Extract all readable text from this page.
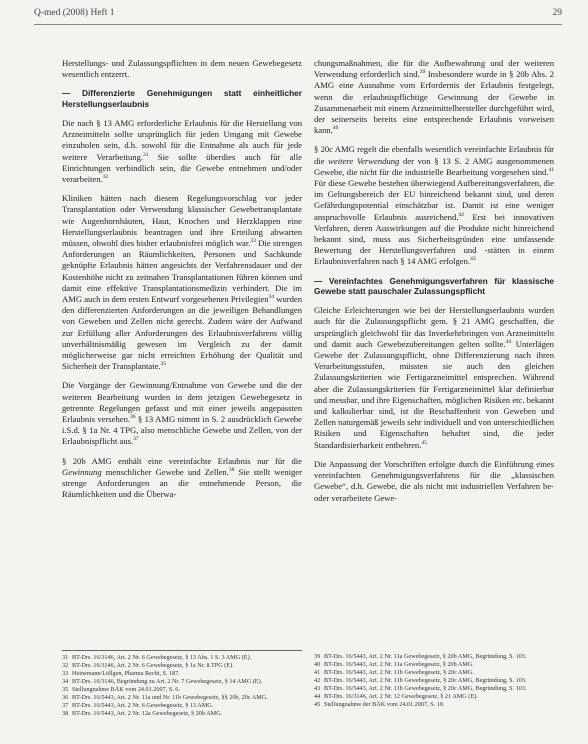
Q-med (2008) Heft 1	29

Herstellungs- und Zulassungspflichten in dem neuen Gewebegesetz wesentlich entzerrt.

— Differenzierte Genehmigungen statt einheitlicher Herstellungserlaubnis

Die nach § 13 AMG erforderliche Erlaubnis für die Herstellung von Arzneimitteln sollte ursprünglich für jeden Umgang mit Gewebe einzuholen sein, d.h. sowohl für die Entnahme als auch für jede weitere Verarbeitung.$^{31}$ Sie sollte überdies auch für alle Einrichtungen verbindlich sein, die Gewebe entnehmen und/oder verarbeiten.$^{32}$

Kliniken hätten nach diesem Regelungsvorschlag vor jeder Transplantation oder Verwendung klassischer Gewebetransplantate wie Augenhornhäuten, Haut, Knochen und Herzklappen eine Herstellungserlaubnis beantragen und ihre Erteilung abwarten müssen, obwohl dies bisher erlaubnisfrei möglich war.$^{33}$ Die strengen Anforderungen an Räumlichkeiten, Personen und Sachkunde geknüpfte Erlaubnis hätten angesichts der Verfahrensdauer und der Kostenhöhe nicht zu zeitnahen Transplantationen führen können und damit eine effektive Transplantationsmedizin verhindert. Die im AMG auch in dem ersten Entwurf vorgesehenen Privilegien$^{34}$ wurden den differenzierten Anforderungen an die jeweiligen Behandlungen von Geweben und Zellen nicht gerecht. Zudem wäre der Aufwand zur Erfüllung aller Anforderungen des Erlaubnisverfahrens völlig unverhältnismäßig gewesen im Vergleich zu der damit möglicherweise gar nicht erreichten Erhöhung der Qualität und Sicherheit der Transplantate.$^{35}$

Die Vorgänge der Gewinnung/Entnahme von Gewebe und die der weiteren Bearbeitung wurden in dem jetzigen Gewebegesetz in getrennte Regelungen gefasst und mit einer jeweils angepassten Erlaubnis versehen.$^{36}$ § 13 AMG nimmt in S. 2 ausdrücklich Gewebe i.S.d. § 1a Nr. 4 TPG, also menschliche Gewebe und Zellen, von der Erlaubnispflicht aus.$^{37}$

§ 20b AMG enthält eine vereinfachte Erlaubnis nur für die Gewinnung menschlicher Gewebe und Zellen.$^{38}$ Sie stellt weniger strenge Anforderungen an die entnehmende Person, die Räumlichkeiten und die Überwa-

chungsmaßnahmen, die für die Aufbewahrung und der weiteren Verwendung erforderlich sind.$^{39}$ Insbesondere wurde in § 20b Abs. 2 AMG eine Ausnahme vom Erfordernis der Erlaubnis festgelegt, wenn die erlaubnispflichtige Gewinnung der Gewebe in Zusammenarbeit mit einem Arzneimittelhersteller durchgeführt wird, der seinerseits bereits eine entsprechende Erlaubnis vorweisen kann.$^{40}$

§ 20c AMG regelt die ebenfalls wesentlich vereinfachte Erlaubnis für die weitere Verwendung der von § 13 S. 2 AMG ausgenommenen Gewebe, die nicht für die industrielle Bearbeitung vorgesehen sind.$^{41}$ Für diese Gewebe bestehen überwiegend Aufbereitungsverfahren, die im Geltungsbereich der EU hinreichend bekannt sind, und deren Gefährdungspotential einschätzbar ist. Damit ist eine weniger anspruchsvolle Erlaubnis ausreichend.$^{42}$ Erst bei innovativen Verfahren, deren Auswirkungen auf die Produkte nicht hinreichend bekannt sind, muss aus Sicherheitsgründen eine umfassende Bewertung der Herstellungsverfahren und -stätten in einem Erlaubnisverfahren nach § 14 AMG erfolgen.$^{43}$

— Vereinfachtes Genehmigungsverfahren für klassische Gewebe statt pauschaler Zulassungspflicht

Gleiche Erleichterungen wie bei der Herstellungserlaubnis wurden auch für die Zulassungspflicht gem. § 21 AMG geschaffen, die ursprünglich gleichwohl für das Inverkehrbringen von Arzneimitteln und damit auch Gewebezubereitungen gelten sollte.$^{44}$ Unterlägen Gewebe der Zulassungspflicht, ohne Differenzierung nach ihren Verarbeitungsstufen, müssten sie auch den gleichen Zulassungskriterien wie Fertigarzneimittel entsprechen. Während aber die Zulassungskriterien für Fertigarzneimittel klar definierbar und messbar, und ihre Eigenschaften, möglichen Risiken etc. bekannt und kalkulierbar sind, ist die Beschaffenheit von Geweben und Zellen naturgemäß jeweils sehr individuell und von unterschiedlichen Risiken und Eigenschaften behaftet sind, die jeder Standardisierbarkeit entbehren.$^{45}$

Die Anpassung der Vorschriften erfolgte durch die Einführung eines vereinfachten Genehmigungsverfahrens für die „klassischen Gewebe“, d.h. Gewebe, die als nicht mit industriellen Verfahren be- oder verarbeitete Gewe-

31 BT-Drs. 16/3146, Art. 2 Nr. 6 Gewebegesetz, § 13 Abs. 1 S. 3 AMG (E).

32 BT-Drs. 16/3146, Art. 2 Nr. 6 Gewebegesetz, § 1a Nr. 8 TPG (E).

33 Heinemann/Löllgen, Pharma Recht, S. 187.

34 BT-Drs. 16/3146, Begründung zu Art. 2 Nr. 7 Gewebegesetz, § 14 AMG (E).

35 Stellungnahme BÄK vom 24.01.2007, S. 6.

36 BT-Drs. 16/5443, Art. 2 Nr. 11a und Nr. 11b Gewebegesetz, §§ 20b, 20c AMG.

37 BT-Drs. 16/5443, Art. 2 Nr. 6 Gewebegesetz, § 13 AMG.

38 BT-Drs. 16/5443, Art. 2 Nr. 12a Gewebegesetz, § 20b AMG.

39 BT-Drs. 16/5443, Art. 2 Nr. 11a Gewebegesetz, § 20b AMG, Begründung, S. 103.

40 BT-Drs. 16/5443, Art. 2 Nr. 11a Gewebegesetz, § 20b AMG.

41 BT-Drs. 16/5443, Art. 2 Nr. 11b Gewebegesetz, § 20c AMG.

42 BT-Drs. 16/5443, Art. 2 Nr. 11b Gewebegesetz, § 20c AMG, Begründung, S. 103.

43 BT-Drs. 16/5443, Art. 2 Nr. 11b Gewebegesetz, § 20c AMG, Begründung, S. 103.

44 BT-Drs. 16/3146, Art. 2 Nr. 12 Gewebegesetz, § 21 AMG (E).

45 Stellungnahme der BÄK vom 24.01.2007, S. 10.
